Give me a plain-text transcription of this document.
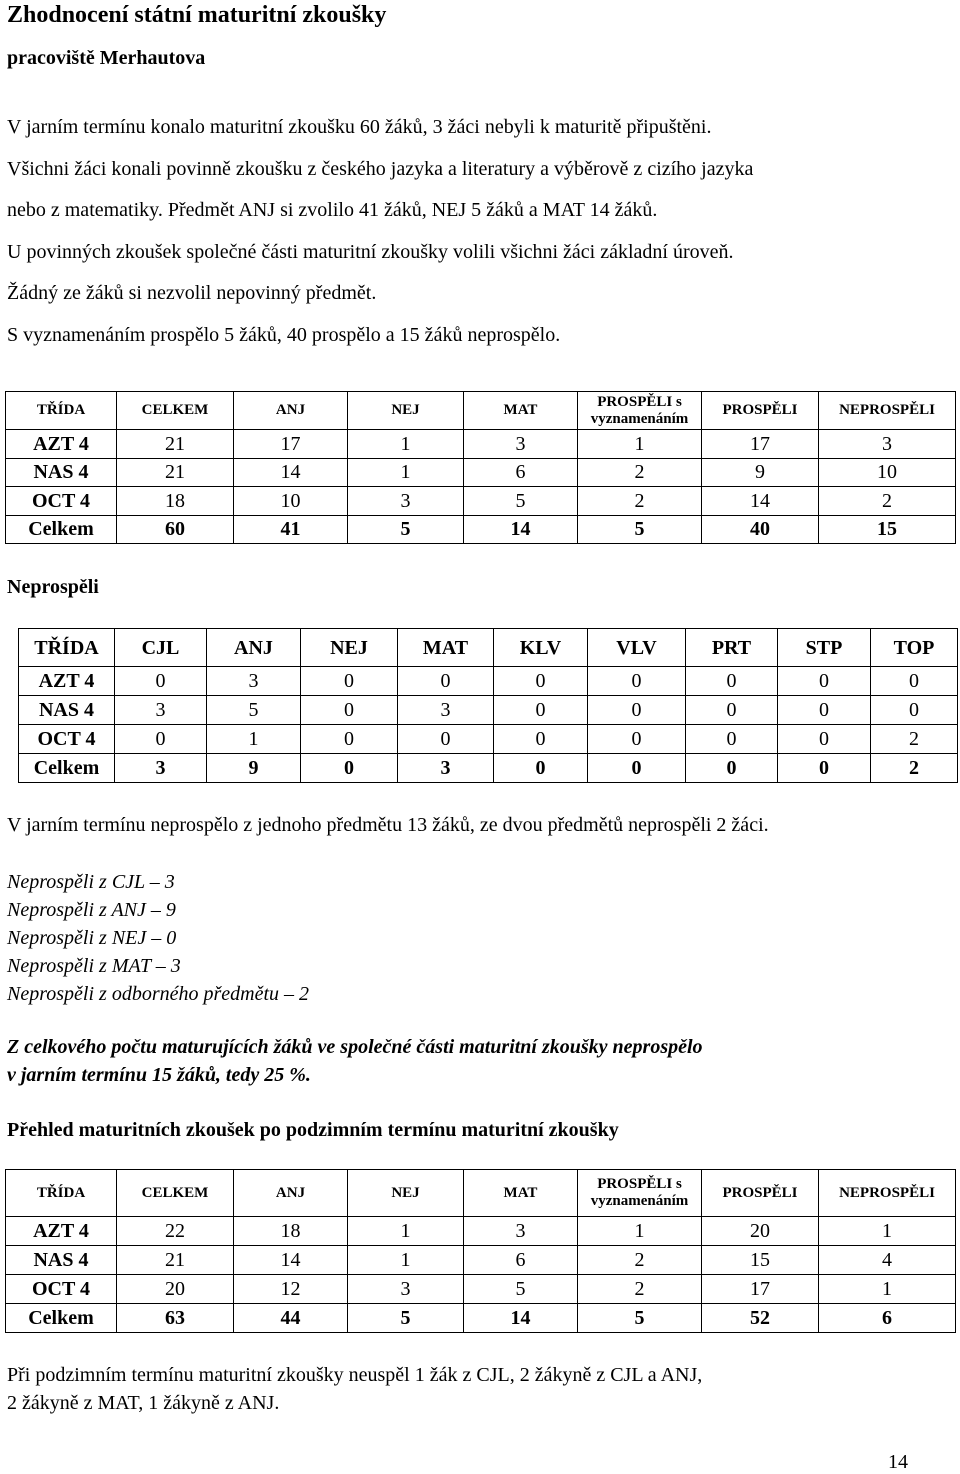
Zhodnocení státní maturitní zkoušky
pracoviště Merhautova

V jarním termínu konalo maturitní zkoušku 60 žáků, 3 žáci nebyli k maturitě připuštěni.

Všichni žáci konali povinně zkoušku z českého jazyka a literatury a výběrově z cizího jazyka

nebo z matematiky. Předmět ANJ si zvolilo 41 žáků, NEJ 5 žáků a MAT 14 žáků.

U povinných zkoušek společné části maturitní zkoušky volili všichni žáci základní úroveň.

Žádný ze žáků si nezvolil nepovinný předmět.

S vyznamenáním prospělo 5 žáků, 40 prospělo a 15 žáků neprospělo.

TŘÍDA	CELKEM	ANJ	NEJ	MAT	PROSPĚLI s vyznamenáním	PROSPĚLI	NEPROSPĚLI
AZT 4	21	17	1	3	1	17	3
NAS 4	21	14	1	6	2	9	10
OCT 4	18	10	3	5	2	14	2
Celkem	60	41	5	14	5	40	15
Neprospěli
TŘÍDA	CJL	ANJ	NEJ	MAT	KLV	VLV	PRT	STP	TOP
AZT 4	0	3	0	0	0	0	0	0	0
NAS 4	3	5	0	3	0	0	0	0	0
OCT 4	0	1	0	0	0	0	0	0	2
Celkem	3	9	0	3	0	0	0	0	2
V jarním termínu neprospělo z jednoho předmětu 13 žáků, ze dvou předmětů neprospěli 2 žáci.
Neprospěli z CJL – 3
Neprospěli z ANJ – 9
Neprospěli z NEJ – 0
Neprospěli z MAT – 3
Neprospěli z odborného předmětu – 2
Z celkového počtu maturujících žáků ve společné části maturitní zkoušky neprospělo
v jarním termínu 15 žáků, tedy 25 %.
Přehled maturitních zkoušek po podzimním termínu maturitní zkoušky
TŘÍDA	CELKEM	ANJ	NEJ	MAT	PROSPĚLI s vyznamenáním	PROSPĚLI	NEPROSPĚLI
AZT 4	22	18	1	3	1	20	1
NAS 4	21	14	1	6	2	15	4
OCT 4	20	12	3	5	2	17	1
Celkem	63	44	5	14	5	52	6
Při podzimním termínu maturitní zkoušky neuspěl 1 žák z CJL, 2 žákyně z CJL a ANJ,
2 žákyně z MAT, 1 žákyně z ANJ.
14
